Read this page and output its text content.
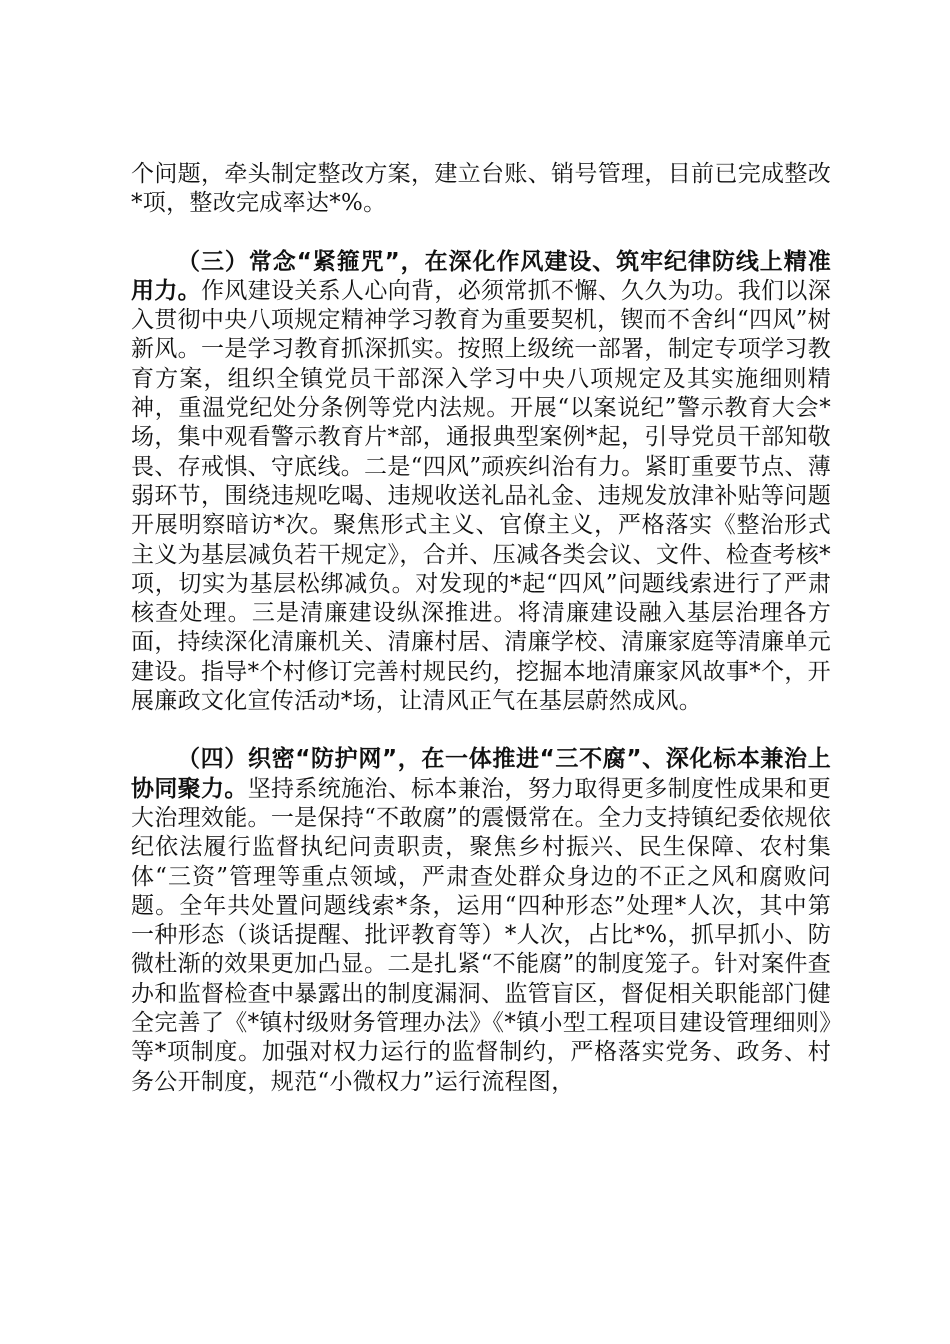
个问题，牵头制定整改方案，建立台账、销号管理，目前已完成整改*项，整改完成率达*%。

（三）常念“紧箍咒”，在深化作风建设、筑牢纪律防线上精准用力。作风建设关系人心向背，必须常抓不懈、久久为功。我们以深入贯彻中央八项规定精神学习教育为重要契机，锲而不舍纠“四风”树新风。一是学习教育抓深抓实。按照上级统一部署，制定专项学习教育方案，组织全镇党员干部深入学习中央八项规定及其实施细则精神，重温党纪处分条例等党内法规。开展“以案说纪”警示教育大会*场，集中观看警示教育片*部，通报典型案例*起，引导党员干部知敬畏、存戒惧、守底线。二是“四风”顽疾纠治有力。紧盯重要节点、薄弱环节，围绕违规吃喝、违规收送礼品礼金、违规发放津补贴等问题开展明察暗访*次。聚焦形式主义、官僚主义，严格落实《整治形式主义为基层减负若干规定》，合并、压减各类会议、文件、检查考核*项，切实为基层松绑减负。对发现的*起“四风”问题线索进行了严肃核查处理。三是清廉建设纵深推进。将清廉建设融入基层治理各方面，持续深化清廉机关、清廉村居、清廉学校、清廉家庭等清廉单元建设。指导*个村修订完善村规民约，挖掘本地清廉家风故事*个，开展廉政文化宣传活动*场，让清风正气在基层蔚然成风。

（四）织密“防护网”，在一体推进“三不腐”、深化标本兼治上协同聚力。坚持系统施治、标本兼治，努力取得更多制度性成果和更大治理效能。一是保持“不敢腐”的震慑常在。全力支持镇纪委依规依纪依法履行监督执纪问责职责，聚焦乡村振兴、民生保障、农村集体“三资”管理等重点领域，严肃查处群众身边的不正之风和腐败问题。全年共处置问题线索*条，运用“四种形态”处理*人次，其中第一种形态（谈话提醒、批评教育等）*人次，占比*%，抓早抓小、防微杜渐的效果更加凸显。二是扎紧“不能腐”的制度笼子。针对案件查办和监督检查中暴露出的制度漏洞、监管盲区，督促相关职能部门健全完善了《*镇村级财务管理办法》《*镇小型工程项目建设管理细则》等*项制度。加强对权力运行的监督制约，严格落实党务、政务、村务公开制度，规范“小微权力”运行流程图，
